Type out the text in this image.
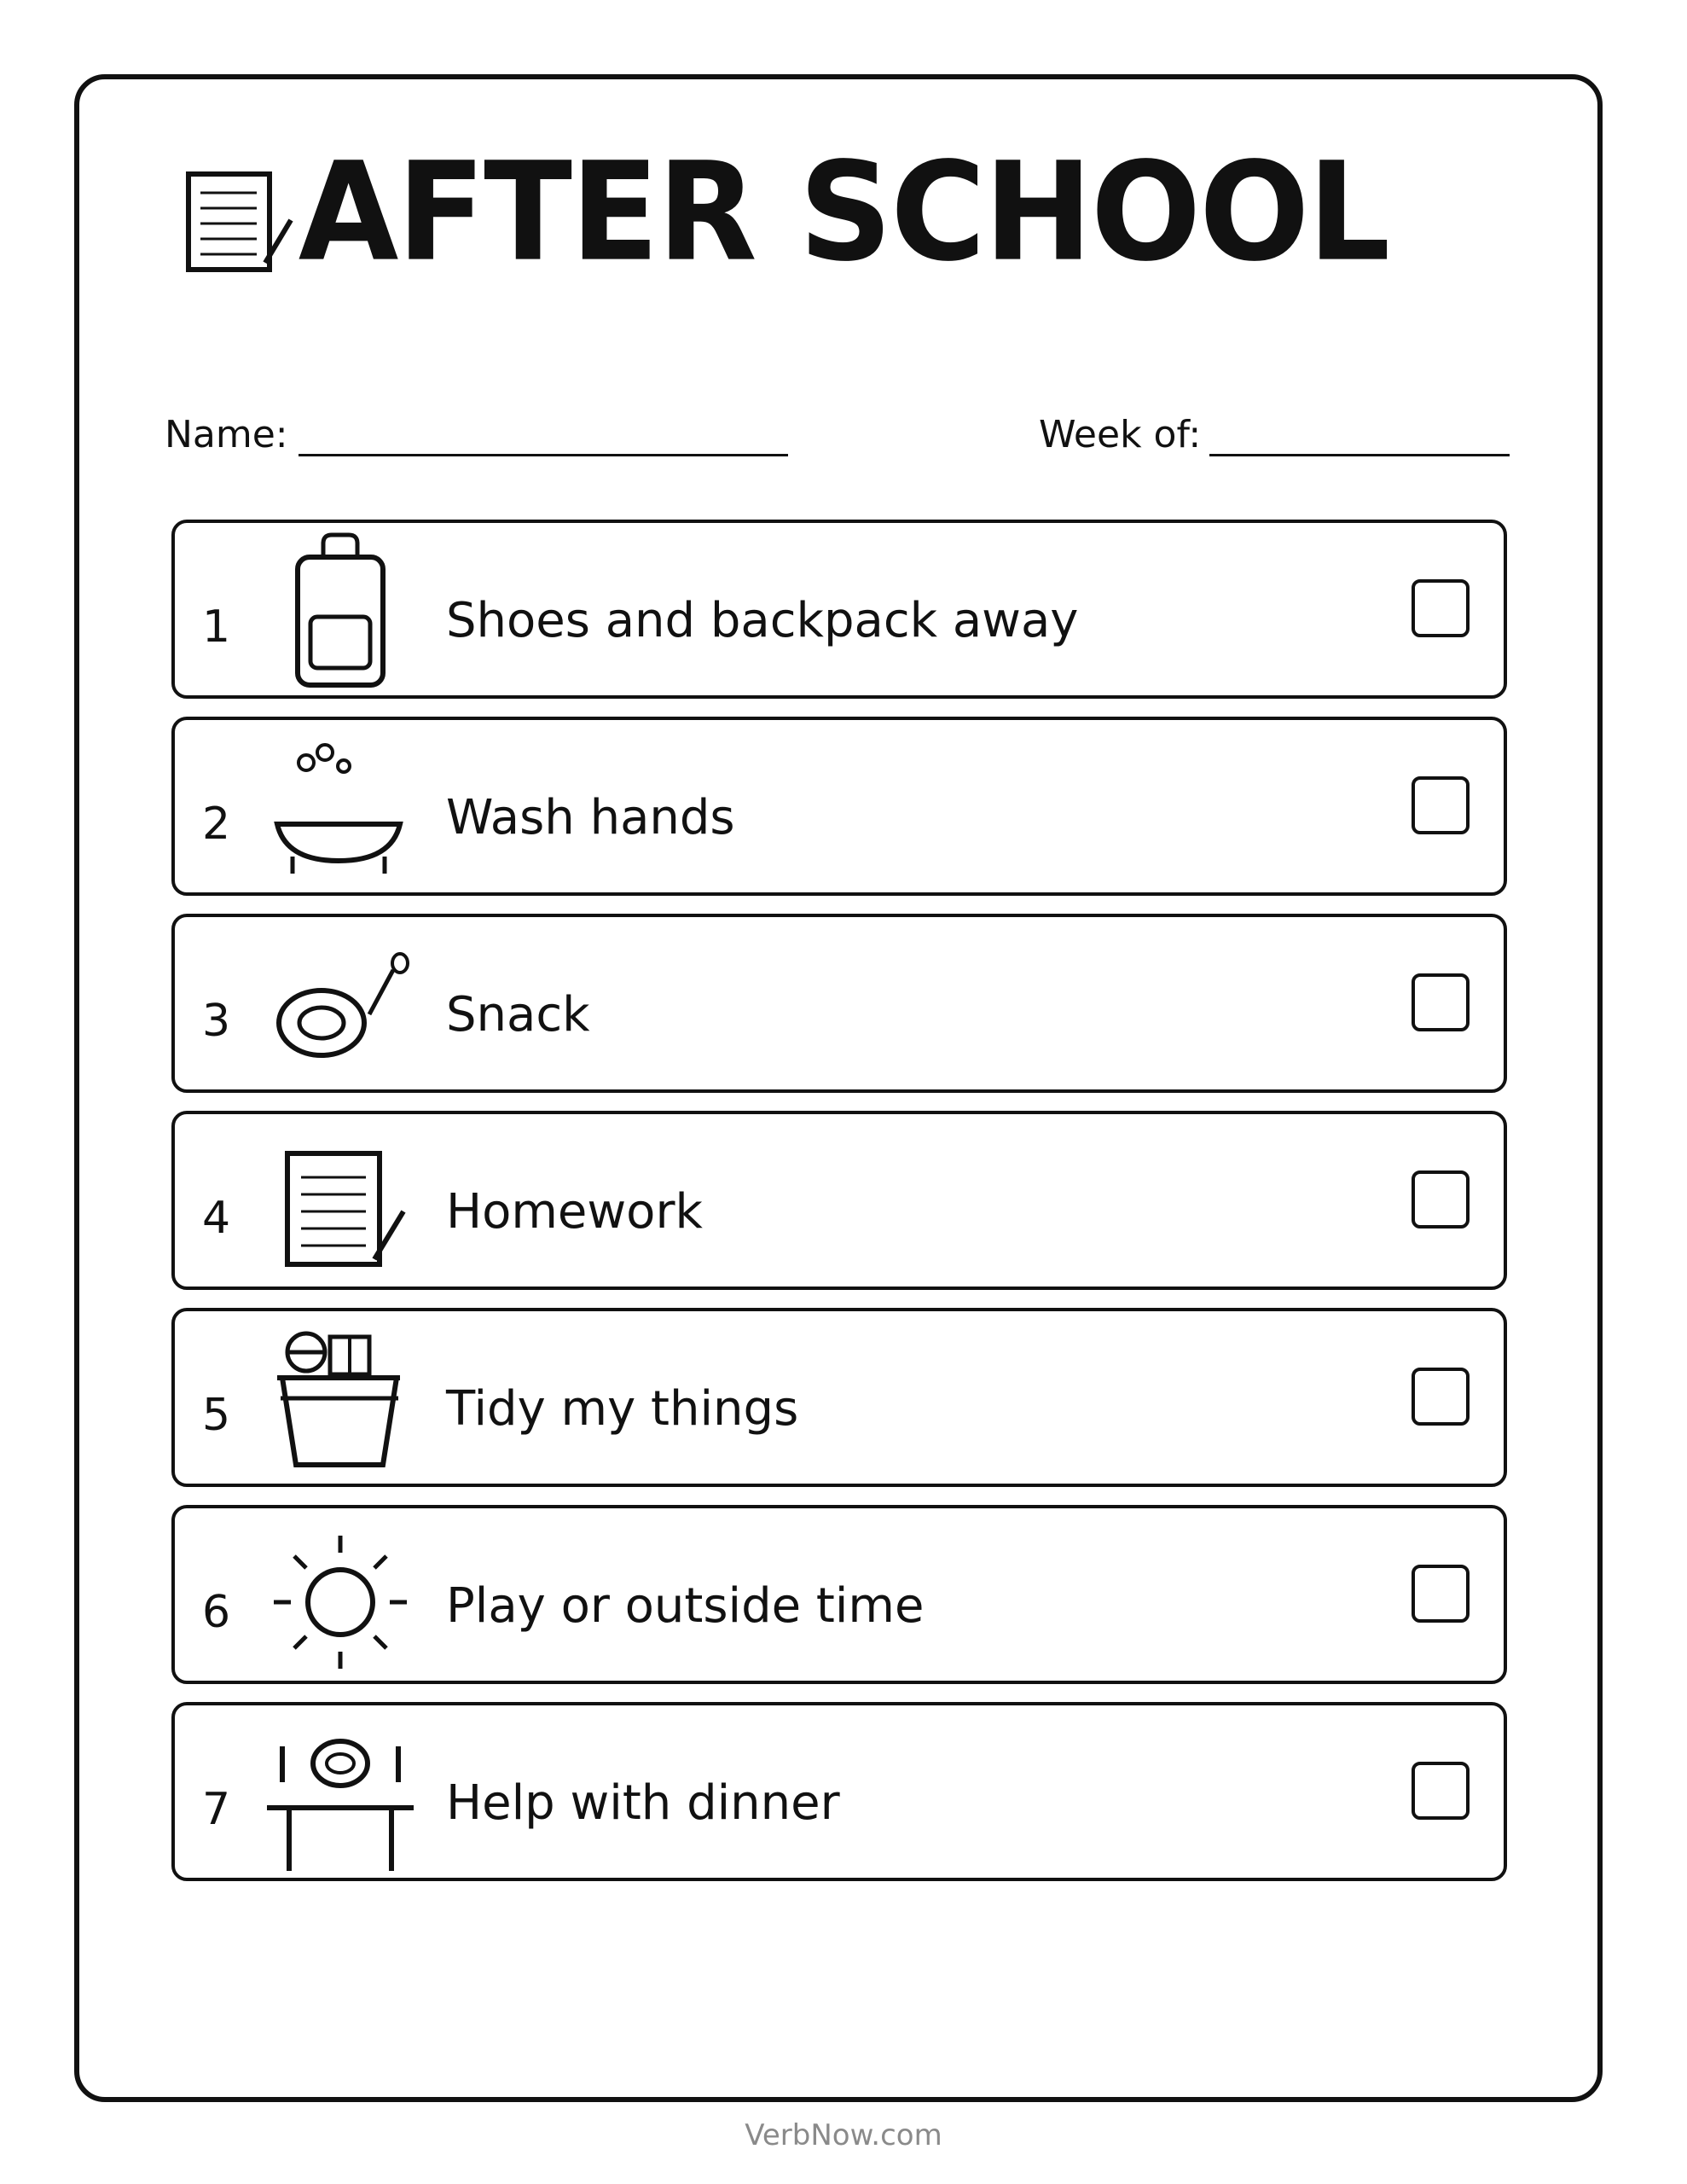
AFTER SCHOOL
Name:	Week of:
1	Shoes and backpack away
2	Wash hands
3	Snack
4	Homework
5	Tidy my things
6	Play or outside time
7	Help with dinner
VerbNow.com
